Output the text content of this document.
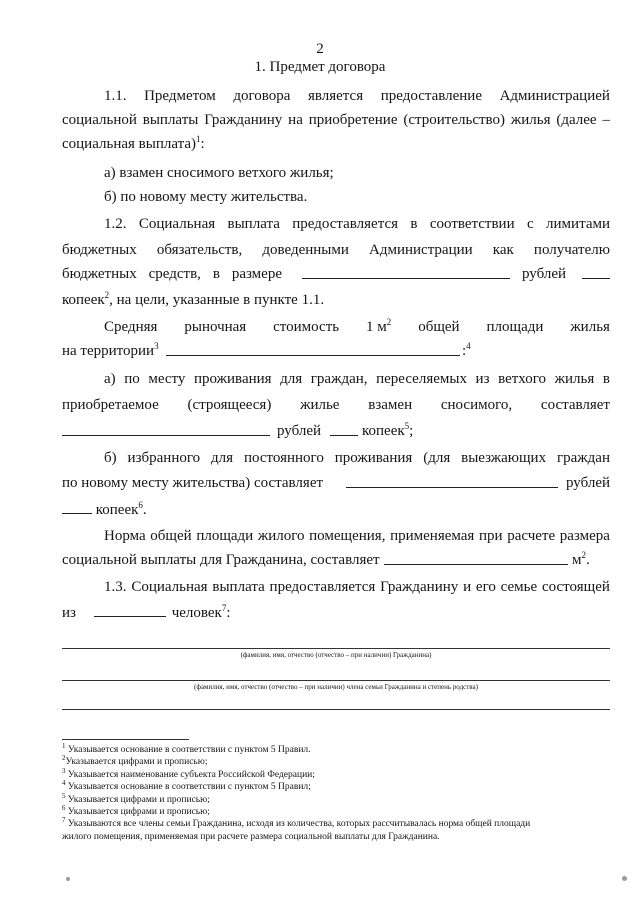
2
1. Предмет договора
1.1. Предметом договора является предоставление Администрацией
социальной выплаты Гражданину на приобретение (строительство) жилья (далее –
социальная выплата)$^1$:
а) взамен сносимого ветхого жилья;
б) по новому месту жительства.
1.2. Социальная выплата предоставляется в соответствии с лимитами
бюджетных обязательств, доведенными Администрации как получателю
бюджетных средств, в размере	рублей
копеек$^2$, на цели, указанные в пункте 1.1.
Средняя рыночная стоимость 1 $м^2$ общей площади жилья
на территории$^3$	:$^4$
а) по месту проживания для граждан, переселяемых из ветхого жилья в
приобретаемое (строящееся) жилье взамен сносимого, составляет
рублей	копеек$^5$;
б) избранного для постоянного проживания (для выезжающих граждан
по новому месту жительства) составляет	рублей
копеек$^6$.
Норма общей площади жилого помещения, применяемая при расчете размера
социальной выплаты для Гражданина, составляет	$м^2$.
1.3. Социальная выплата предоставляется Гражданину и его семье состоящей
из	человек$^7$:
(фамилия, имя, отчество (отчество – при наличии) Гражданина)
(фамилия, имя, отчество (отчество – при наличии) члена семьи Гражданина и степень родства)
$^1$ Указывается основание в соответствии с пунктом 5 Правил.
$^2$Указывается цифрами и прописью;
$^3$ Указывается наименование субъекта Российской Федерации;
$^4$ Указывается основание в соответствии с пунктом 5 Правил;
$^5$ Указывается цифрами и прописью;
$^6$ Указывается цифрами и прописью;
$^7$ Указываются все члены семьи Гражданина, исходя из количества, которых рассчитывалась норма общей площади
жилого помещения, применяемая при расчете размера социальной выплаты для Гражданина.
